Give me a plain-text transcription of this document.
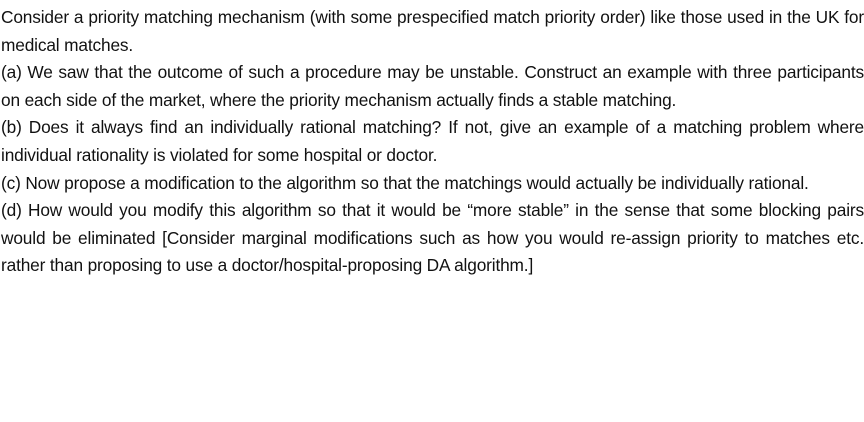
Consider a priority matching mechanism (with some prespecified match priority order) like those used in the UK for medical matches.

(a) We saw that the outcome of such a procedure may be unstable. Construct an example with three participants on each side of the market, where the priority mechanism actually finds a stable matching.

(b) Does it always find an individually rational matching? If not, give an example of a matching problem where individual rationality is violated for some hospital or doctor.

(c) Now propose a modification to the algorithm so that the matchings would actually be individually rational.

(d) How would you modify this algorithm so that it would be “more stable” in the sense that some blocking pairs would be eliminated [Consider marginal modifications such as how you would re-assign priority to matches etc. rather than proposing to use a doctor/hospital-proposing DA algorithm.]
